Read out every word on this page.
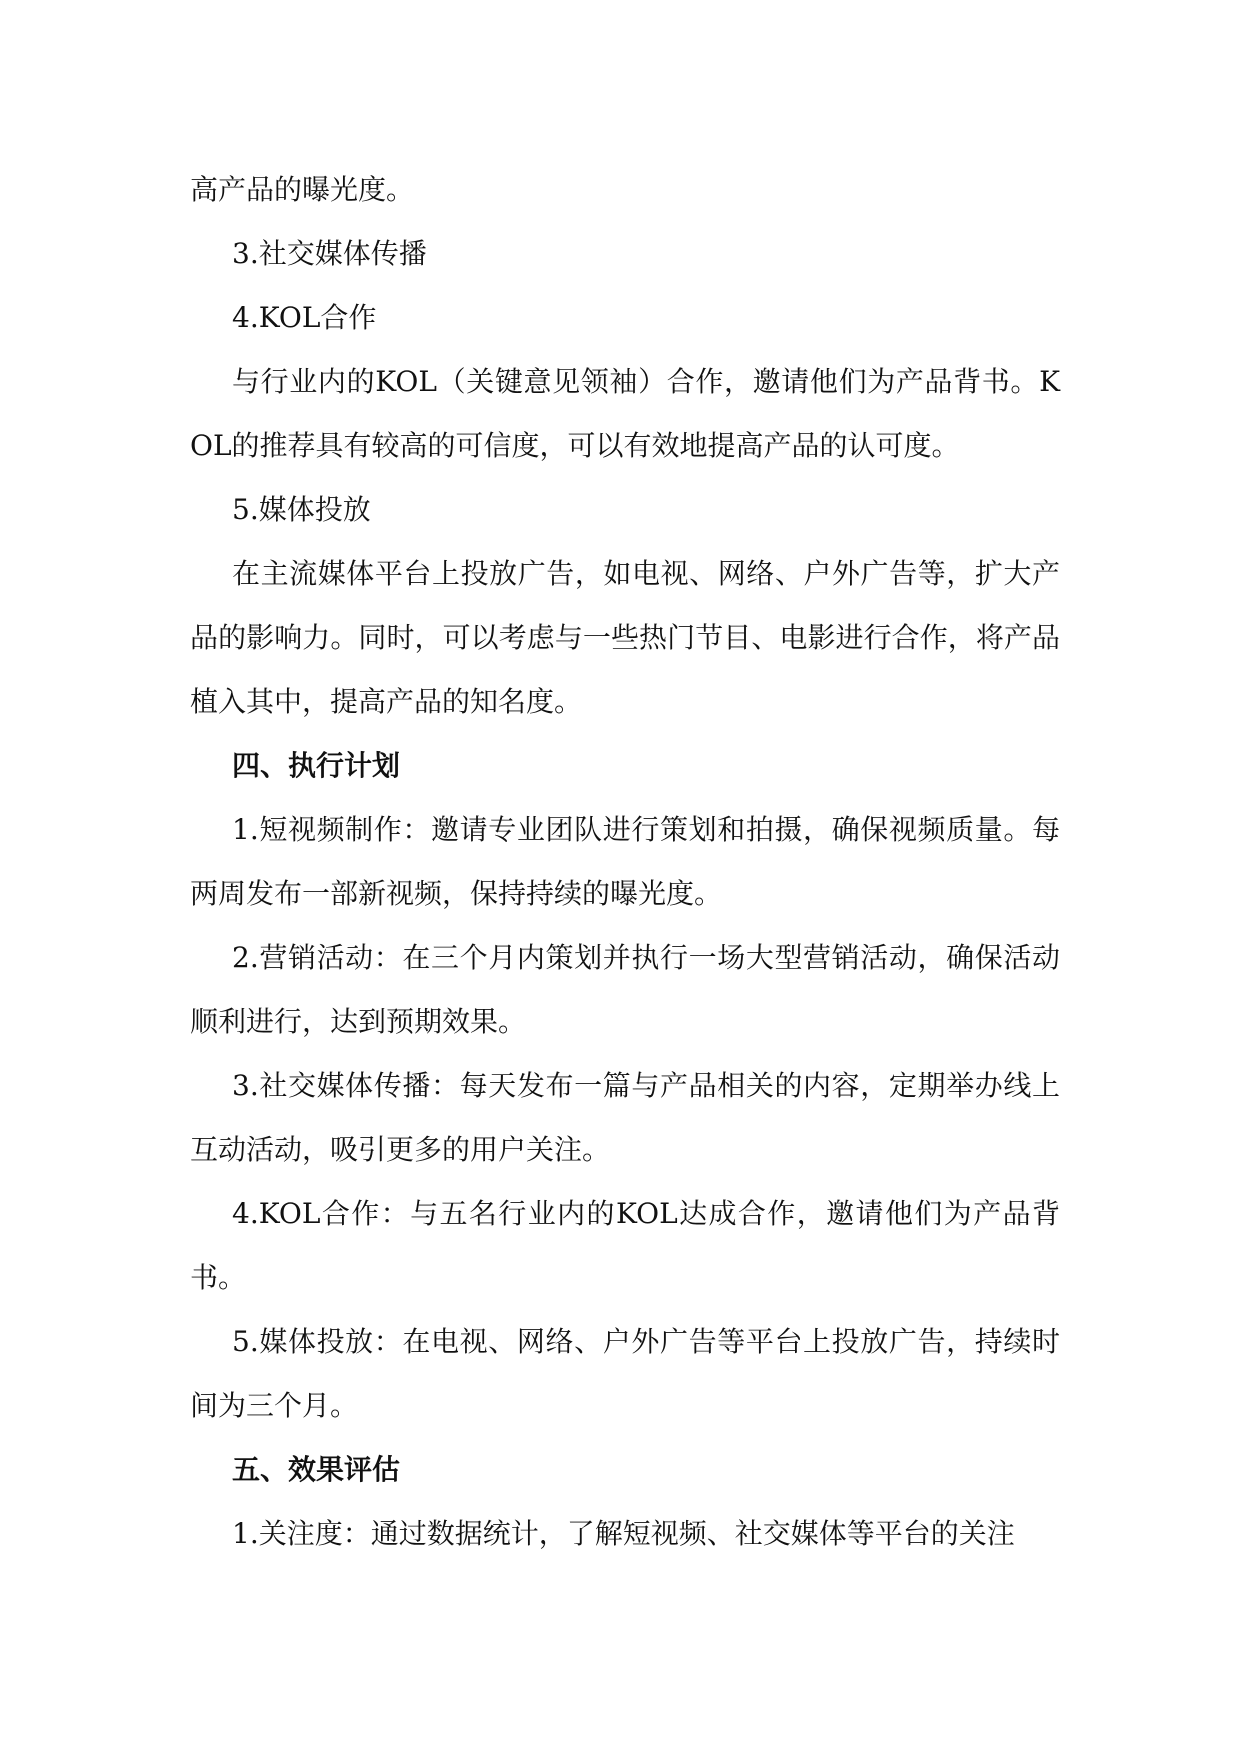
高产品的曝光度。

3.社交媒体传播

4.KOL合作

与行业内的KOL（关键意见领袖）合作，邀请他们为产品背书。KOL的推荐具有较高的可信度，可以有效地提高产品的认可度。

5.媒体投放

在主流媒体平台上投放广告，如电视、网络、户外广告等，扩大产品的影响力。同时，可以考虑与一些热门节目、电影进行合作，将产品植入其中，提高产品的知名度。

四、执行计划

1.短视频制作：邀请专业团队进行策划和拍摄，确保视频质量。每两周发布一部新视频，保持持续的曝光度。

2.营销活动：在三个月内策划并执行一场大型营销活动，确保活动顺利进行，达到预期效果。

3.社交媒体传播：每天发布一篇与产品相关的内容，定期举办线上互动活动，吸引更多的用户关注。

4.KOL合作：与五名行业内的KOL达成合作，邀请他们为产品背书。

5.媒体投放：在电视、网络、户外广告等平台上投放广告，持续时间为三个月。

五、效果评估

1.关注度：通过数据统计，了解短视频、社交媒体等平台的关注
